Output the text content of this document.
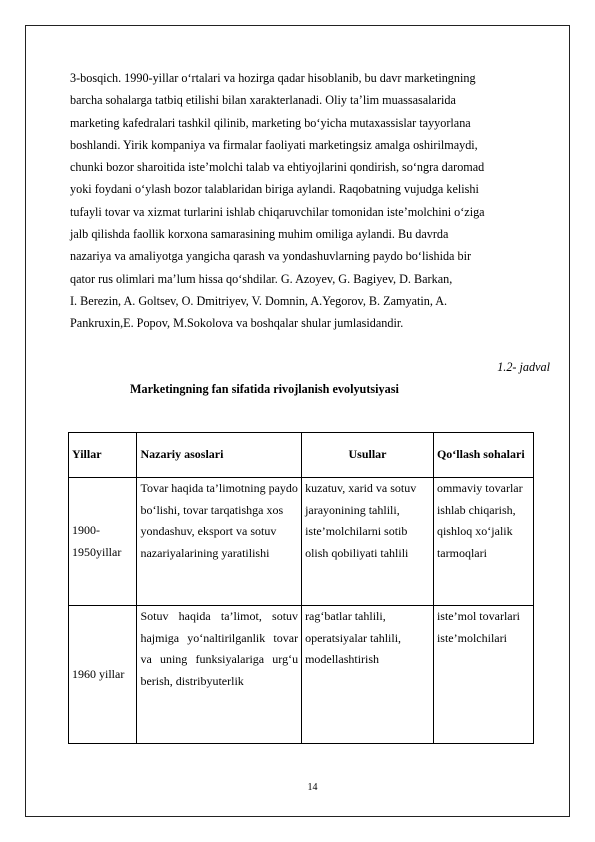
3-bosqich. 1990-yillar o‘rtalari va hozirga qadar hisoblanib, bu davr marketingning

barcha sohalarga tatbiq etilishi bilan xarakterlanadi. Oliy ta’lim muassasalarida

marketing kafedralari tashkil qilinib, marketing bo‘yicha mutaxassislar tayyorlana

boshlandi. Yirik kompaniya va firmalar faoliyati marketingsiz amalga oshirilmaydi,

chunki bozor sharoitida iste’molchi talab va ehtiyojlarini qondirish, so‘ngra daromad

yoki foydani o‘ylash bozor talablaridan biriga aylandi. Raqobatning vujudga kelishi

tufayli tovar va xizmat turlarini ishlab chiqaruvchilar tomonidan iste’molchini o‘ziga

jalb qilishda faollik korxona samarasining muhim omiliga aylandi. Bu davrda

nazariya va amaliyotga yangicha qarash va yondashuvlarning paydo bo‘lishida bir

qator rus olimlari ma’lum hissa qo‘shdilar. G. Azoyev, G. Bagiyev, D. Barkan,

I. Berezin, A. Goltsev, O. Dmitriyev, V. Domnin, A.Yegorov, B. Zamyatin, A.

Pankruxin,E. Popov, M.Sokolova va boshqalar shular jumlasidandir.

1.2- jadval
Marketingning fan sifatida rivojlanish evolyutsiyasi
Yillar	Nazariy asoslari	Usullar	Qo‘llash sohalari
1900-1950yillar	Tovar haqida ta’limotning paydo bo‘lishi, tovar tarqatishga xos yondashuv, eksport va sotuv nazariyalarining yaratilishi	kuzatuv, xarid va sotuv jarayonining tahlili, iste’molchilarni sotib olish qobiliyati tahlili	ommaviy tovarlar ishlab chiqarish, qishloq xo‘jalik tarmoqlari
1960 yillar	Sotuv haqida ta’limot, sotuv hajmiga yo‘naltirilganlik tovar va uning funksiyalariga urg‘u berish, distribyuterlik	rag‘batlar tahlili, operatsiyalar tahlili, modellashtirish	iste’mol tovarlari iste’molchilari
14
